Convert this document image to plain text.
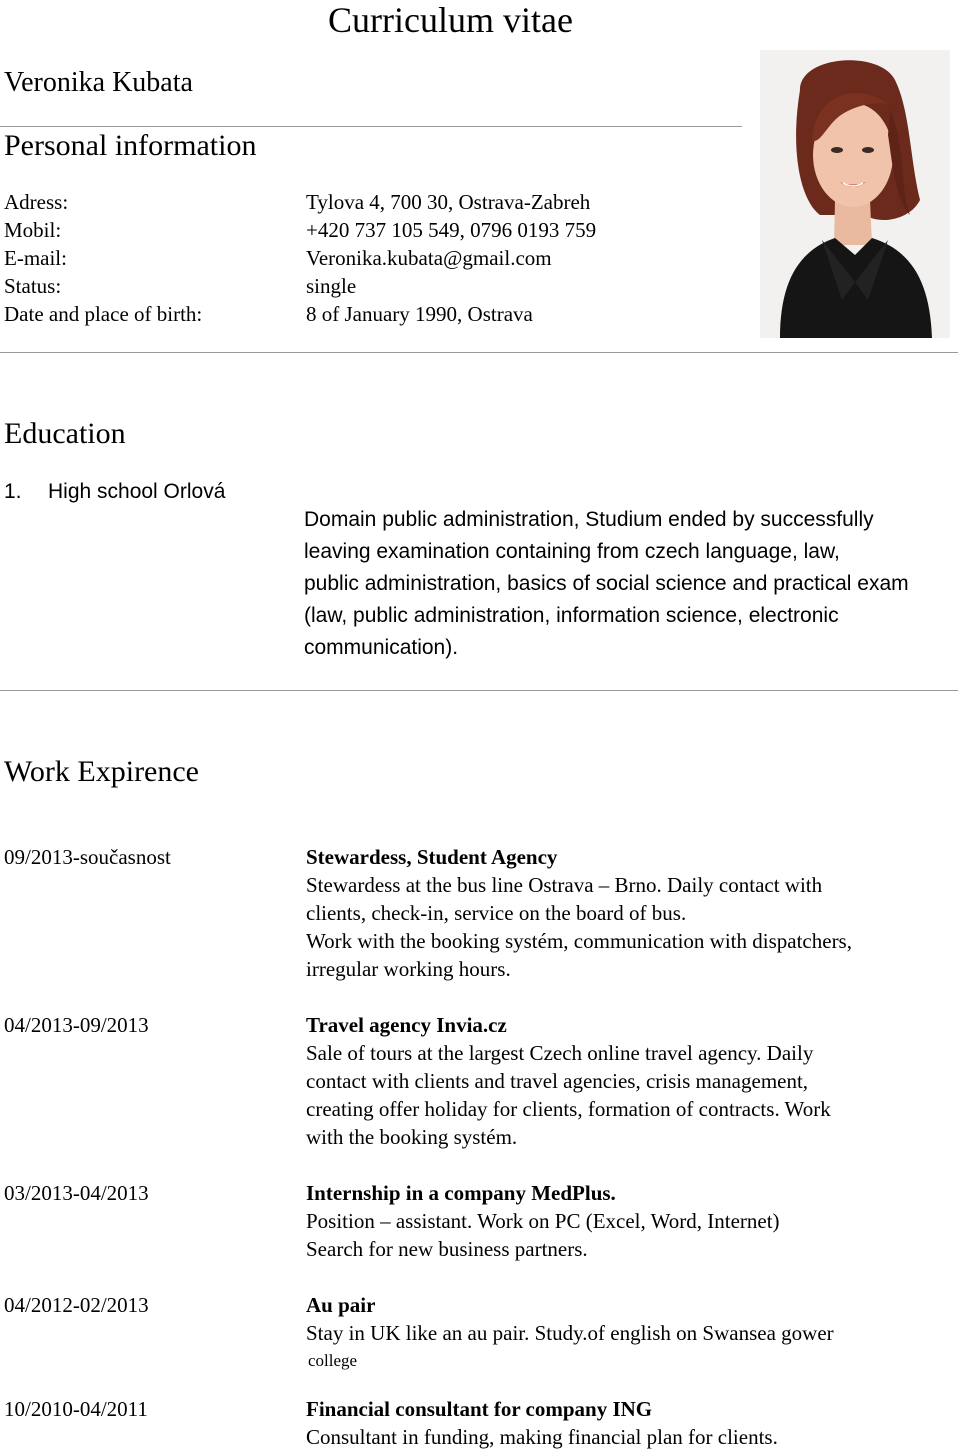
Curriculum vitae
Veronika Kubata
Personal information
Adress:	Tylova 4, 700 30, Ostrava-Zabreh
Mobil:	+420 737 105 549, 0796 0193 759
E-mail:	Veronika.kubata@gmail.com
Status:	single
Date and place of birth:	8 of January 1990, Ostrava
Education
1. High school Orlová
Domain public administration, Studium ended by successfully
leaving examination containing from czech language, law,
public administration, basics of social science and practical exam
(law, public administration, information science, electronic
communication).
Work Expirence
09/2013-současnost	Stewardess, Student Agency
Stewardess at the bus line Ostrava – Brno. Daily contact with
clients, check-in, service on the board of bus.
Work with the booking systém, communication with dispatchers,
irregular working hours.
04/2013-09/2013	Travel agency Invia.cz
Sale of tours at the largest Czech online travel agency. Daily
contact with clients and travel agencies, crisis management,
creating offer holiday for clients, formation of contracts. Work
with the booking systém.
03/2013-04/2013	Internship in a company MedPlus.
Position – assistant. Work on PC (Excel, Word, Internet)
Search for new business partners.
04/2012-02/2013	Au pair
Stay in UK like an au pair. Study.of english on Swansea gower
college
10/2010-04/2011	Financial consultant for company ING
Consultant in funding, making financial plan for clients.
